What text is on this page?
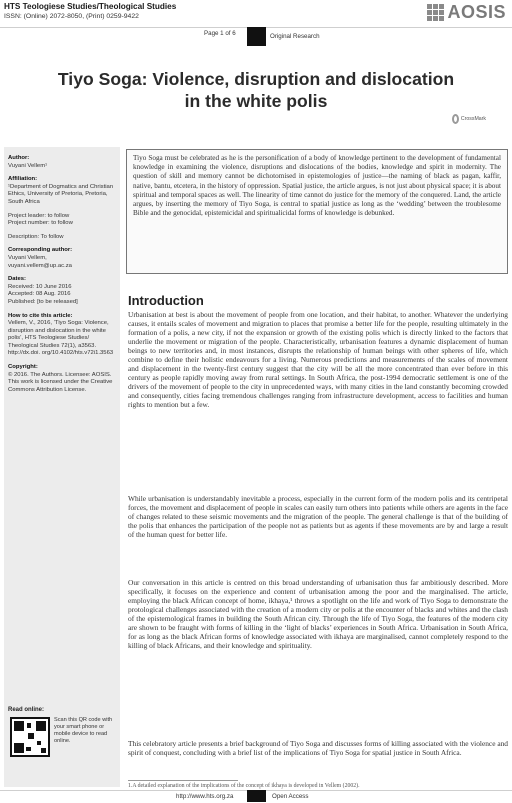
HTS Teologiese Studies/Theological Studies
ISSN: (Online) 2072-8050, (Print) 0259-9422	AOSIS
Page 1 of 6	Original Research
Tiyo Soga: Violence, disruption and dislocation
in the white polis
CrossMark
Author:
Vuyani Vellem¹
Affiliation:
¹Department of Dogmatics and Christian Ethics, University of Pretoria, Pretoria, South Africa
Project leader: to follow
Project number: to follow
Description: To follow
Corresponding author:
Vuyani Vellem,
vuyani.vellem@up.ac.za
Dates:
Received: 10 June 2016
Accepted: 08 Aug. 2016
Published: [to be released]
How to cite this article:
Vellem, V., 2016, ‘Tiyo Soga: Violence, disruption and dislocation in the white polis’, HTS Teologiese Studies/ Theological Studies 72(1), a3563. http://dx.doi. org/10.4102/hts.v72i1.3563
Copyright:
© 2016. The Authors. Licensee: AOSIS. This work is licensed under the Creative Commons Attribution License.
Read online:
Scan this QR code with your smart phone or mobile device to read online.

Tiyo Soga must be celebrated as he is the personification of a body of knowledge pertinent to the development of fundamental knowledge in examining the violence, disruptions and dislocations of the bodies, knowledge and spirit in modernity. The question of skill and memory cannot be dichotomised in epistemologies of justice—the naming of black as pagan, kaffir, native, bantu, etcetera, in the history of oppression. Spatial justice, the article argues, is not just about physical space; it is about spiritual and temporal spaces as well. The linearity of time cannot do justice for the memory of the conquered. Land, the article argues, by inserting the memory of Tiyo Soga, is central to spatial justice as long as the ‘wedding’ between the troublesome Bible and the genocidal, epistemicidal and spiritualicidal forms of knowledge is debunked.

Introduction

Urbanisation at best is about the movement of people from one location, and their habitat, to another. Whatever the underlying causes, it entails scales of movement and migration to places that promise a better life for the people, resulting ultimately in the formation of a polis, a new city, if not the expansion or growth of the existing polis which is directly linked to the factors that underlie the movement or migration of the people. Characteristically, urbanisation features a dynamic displacement of human beings to new territories and, in most instances, disrupts the relationship of human beings with other spheres of life, which combine to define their holistic endeavours for a living. Numerous predictions and measurements of the scales of movement and displacement in the twenty-first century suggest that the city will be all the more concentrated than ever before in this century as people rapidly moving away from rural settings. In South Africa, the post-1994 democratic settlement is one of the drivers of the movement of people to the city in unprecedented ways, with many cities in the land constantly becoming crowded and consequently, cities facing tremendous challenges ranging from infrastructure development, access to facilities and human rights to mention but a few.

While urbanisation is understandably inevitable a process, especially in the current form of the modern polis and its centripetal forces, the movement and displacement of people in scales can easily turn others into patients while others are agents in the face of changes related to these seismic movements and the migration of the people. The general challenge is that of the building of the polis that enhances the participation of the people not as patients but as agents if these movements are by and large a result of the human quest for better life.

Our conversation in this article is centred on this broad understanding of urbanisation thus far ambitiously described. More specifically, it focuses on the experience and content of urbanisation among the poor and the marginalised. The article, employing the black African concept of home, ikhaya,¹ throws a spotlight on the life and work of Tiyo Soga to demonstrate the protological challenges associated with the creation of a modern city or polis at the encounter of blacks and whites and the clash of the epistemological frames in building the South African city. Through the life of Tiyo Soga, the features of the modern city are shown to be fraught with forms of killing in the ‘light of blacks’ experiences in South Africa. Urbanisation in South Africa, for as long as the black African forms of knowledge associated with ikhaya are marginalised, cannot completely respond to the killing of black Africans, and their knowledge and spirituality.

This celebratory article presents a brief background of Tiyo Soga and discusses forms of killing associated with the violence and spirit of conquest, concluding with a brief list of the implications of Tiyo Soga for spatial justice in South Africa.

1.A detailed explanation of the implications of the concept of ikhaya is developed in Vellem (2002).
http://www.hts.org.za	Open Access
